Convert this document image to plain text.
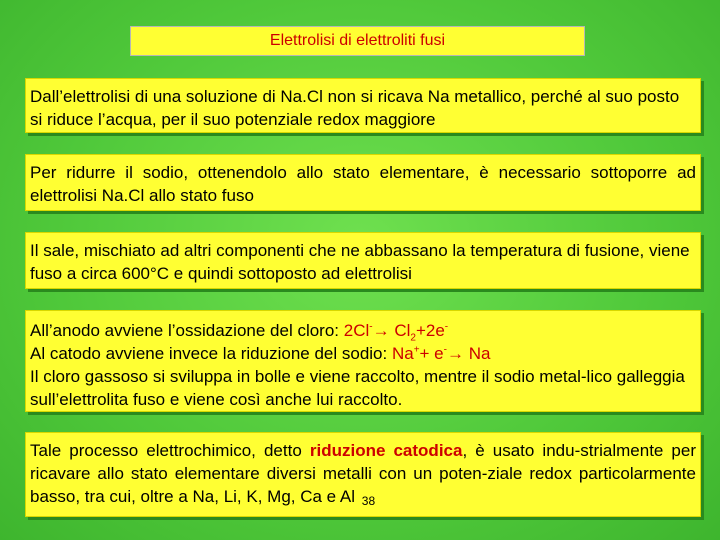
Elettrolisi di elettroliti fusi
Dall’elettrolisi di una soluzione di Na.Cl non si ricava Na metallico, perché al suo posto si riduce l’acqua, per il suo potenziale redox maggiore
Per ridurre il sodio, ottenendolo allo stato elementare, è necessario sottoporre ad elettrolisi Na.Cl allo stato fuso
Il sale, mischiato ad altri componenti che ne abbassano la temperatura di fusione, viene fuso a circa 600°C e quindi sottoposto ad elettrolisi
All’anodo avviene l’ossidazione del cloro: $2Cl^-\to Cl_2+2e^-$
Al catodo avviene invece la riduzione del sodio: Na++ e-→ Na
Il cloro gassoso si sviluppa in bolle e viene raccolto, mentre il sodio metal-lico galleggia sull’elettrolita fuso e viene così anche lui raccolto.
Tale processo elettrochimico, detto riduzione catodica, è usato indu-strialmente per ricavare allo stato elementare diversi metalli con un poten-ziale redox particolarmente basso, tra cui, oltre a Na, Li, K, Mg, Ca e Al 38
